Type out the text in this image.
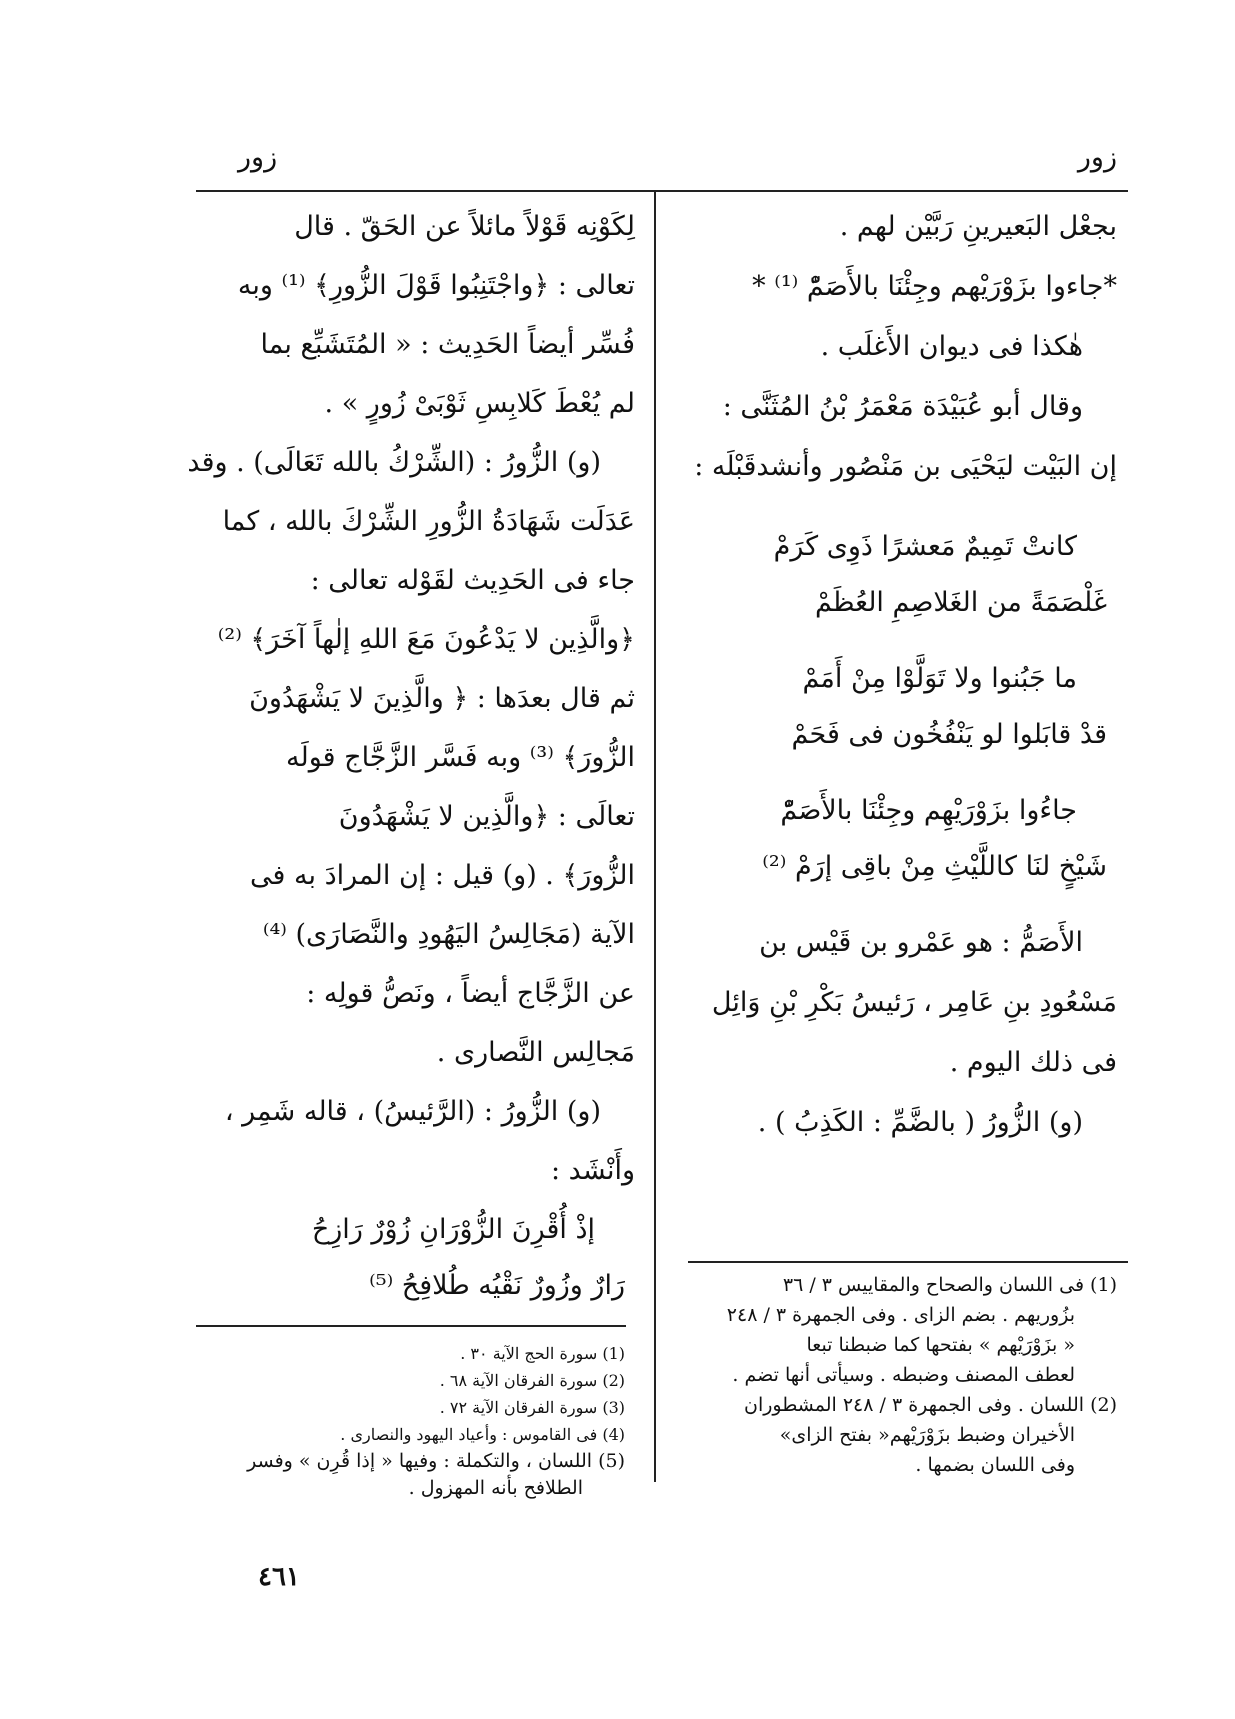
زور
زور

بجعْل البَعيرينِ رَبَّيْن لهم .

*جاءوا بزَوْرَيْهم وجِئْنَا بالأَصَمّْ ⁽¹⁾ *

هٰكذا فى ديوان الأَغلَب .

وقال أبو عُبَيْدَة مَعْمَرُ بْنُ المُثَنَّى :

إن البَيْت ليَحْيَى بن مَنْصُور وأنشدقَبْلَه :

كانتْ تَمِيمٌ مَعشرًا ذَوِى كَرَمْ

غَلْصَمَةً من الغَلاصِمِ العُظَمْ

ما جَبُنوا ولا تَوَلَّوْا مِنْ أَمَمْ

قدْ قابَلوا لو يَنْفُخُون فى فَحَمْ

جاءُوا بزَوْرَيْهِم وجِئْنَا بالأَصَمّْ

شَيْخٍ لنَا كاللَّيْثِ مِنْ باقِى إرَمْ ⁽²⁾

الأَصَمُّ : هو عَمْرو بن قَيْس بن

مَسْعُودِ بنِ عَامِر ، رَئيسُ بَكْرِ بْنِ وَائِل

فى ذلك اليوم .

(و) الزُّورُ ( بالضَّمِّ : الكَذِبُ ) .

(1) فى اللسان والصحاح والمقاييس ٣ / ٣٦
بزُوريهم . بضم الزاى . وفى الجمهرة ٣ / ٢٤٨
« بزَوْرَيْهم » بفتحها كما ضبطنا تبعا
لعطف المصنف وضبطه . وسيأتى أنها تضم .
(2) اللسان . وفى الجمهرة ٣ / ٢٤٨ المشطوران
الأخيران وضبط بزَوْرَيْهم« بفتح الزاى»
وفى اللسان بضمها .

لِكَوْنِه قَوْلاً مائلاً عن الحَقّ . قال

تعالى : ﴿واجْتَنِبُوا قَوْلَ الزُّورِ﴾ ⁽¹⁾ وبه

فُسِّر أيضاً الحَدِيث : « المُتَشَبِّع بما

لم يُعْطَ كَلابِسِ ثَوْبَىْ زُورٍ » .

(و) الزُّورُ : (الشِّرْكُ بالله تَعَالَى) . وقد

عَدَلَت شَهَادَةُ الزُّورِ الشِّرْكَ بالله ، كما

جاء فى الحَدِيث لقَوْله تعالى :

﴿والَّذِين لا يَدْعُونَ مَعَ اللهِ إلٰهاً آخَرَ﴾ ⁽²⁾

ثم قال بعدَها : ﴿ والَّذِينَ لا يَشْهَدُونَ

الزُّورَ﴾ ⁽³⁾ وبه فَسَّر الزَّجَّاج قولَه

تعالَى : ﴿والَّذِين لا يَشْهَدُونَ

الزُّورَ﴾ . (و) قيل : إن المرادَ به فى

الآية (مَجَالِسُ اليَهُودِ والنَّصَارَى) ⁽⁴⁾

عن الزَّجَّاج أيضاً ، ونَصُّ قولِه :

مَجالِس النَّصارى .

(و) الزُّورُ : (الرَّئيسُ) ، قاله شَمِر ،

وأَنْشَد :

إذْ أُقْرِنَ الزُّوْرَانِ زُوْرٌ رَازِحُ

رَارٌ وزُورٌ نَقْيُه طُلافِحُ ⁽⁵⁾

(1) سورة الحج الآية ٣٠ .
(2) سورة الفرقان الآية ٦٨ .
(3) سورة الفرقان الآية ٧٢ .
(4) فى القاموس : وأعياد اليهود والنصارى .
(5) اللسان ، والتكملة : وفيها « إذا قُرِن » وفسر
الطلافح بأنه المهزول .
٤٦١
